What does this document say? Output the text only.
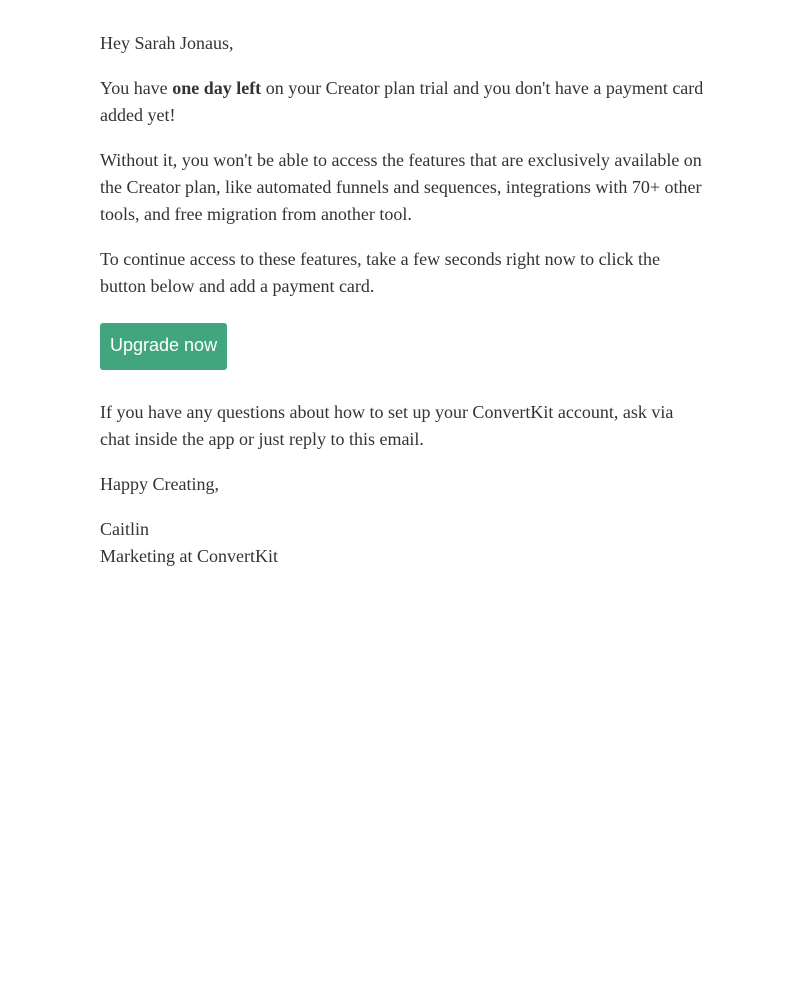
Hey Sarah Jonaus,

You have one day left on your Creator plan trial and you don't have a payment card added yet!

Without it, you won't be able to access the features that are exclusively available on the Creator plan, like automated funnels and sequences, integrations with 70+ other tools, and free migration from another tool.

To continue access to these features, take a few seconds right now to click the button below and add a payment card.

Upgrade now

If you have any questions about how to set up your ConvertKit account, ask via chat inside the app or just reply to this email.

Happy Creating,

Caitlin
Marketing at ConvertKit
